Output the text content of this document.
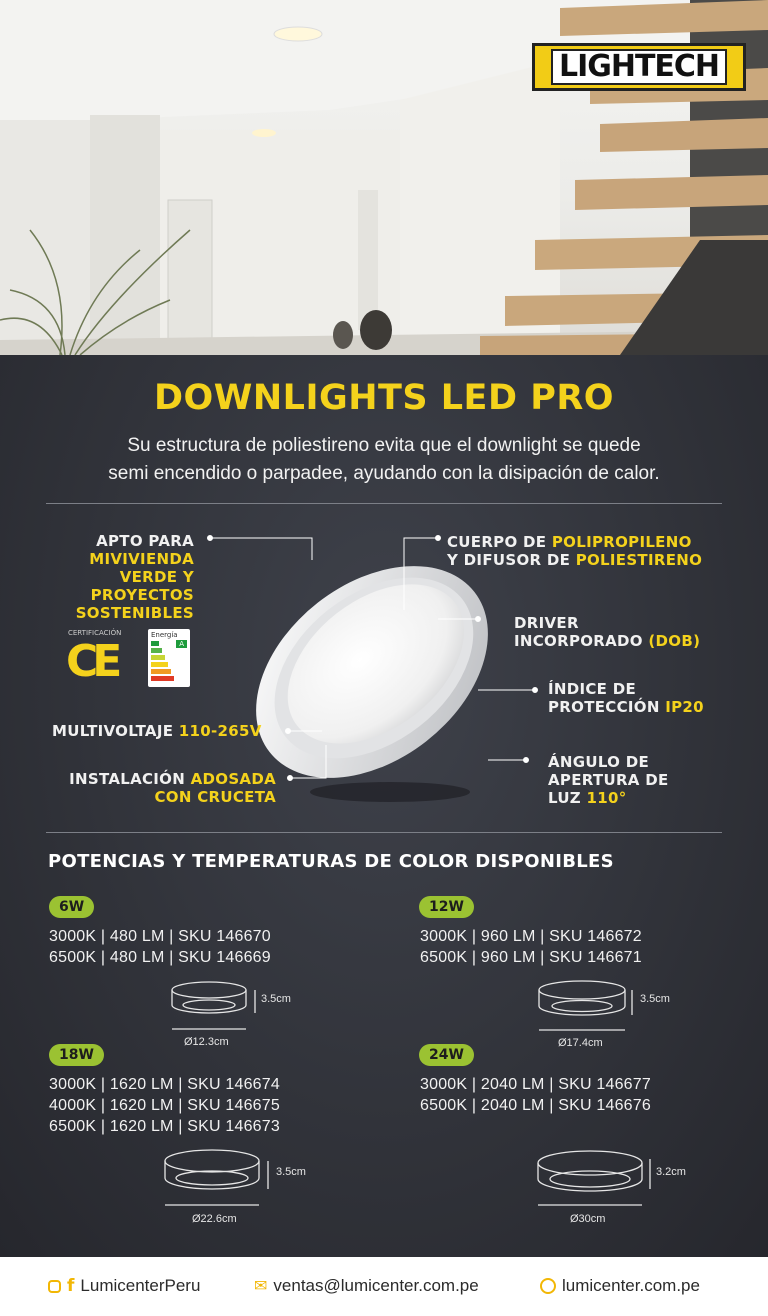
LIGHTECH
DOWNLIGHTS LED PRO
Su estructura de poliestireno evita que el downlight se quede
semi encendido o parpadee, ayudando con la disipación de calor.
APTO PARA
MIVIVIENDA
VERDE Y
PROYECTOS
SOSTENIBLES
CERTIFICACIÓN
CE
Energía
A
MULTIVOLTAJE 110-265V
INSTALACIÓN ADOSADA
CON CRUCETA
CUERPO DE POLIPROPILENO
Y DIFUSOR DE POLIESTIRENO
DRIVER
INCORPORADO (DOB)
ÍNDICE DE
PROTECCIÓN IP20
ÁNGULO DE
APERTURA DE
LUZ 110°
POTENCIAS Y TEMPERATURAS DE COLOR DISPONIBLES
6W
3000K | 480 LM | SKU 146670
6500K | 480 LM | SKU 146669
12W
3000K | 960 LM | SKU 146672
6500K | 960 LM | SKU 146671
18W
3000K | 1620 LM | SKU 146674
4000K | 1620 LM | SKU 146675
6500K | 1620 LM | SKU 146673
24W
3000K | 2040 LM | SKU 146677
6500K | 2040 LM | SKU 146676
3.5cm
Ø12.3cm
3.5cm
Ø17.4cm
3.5cm
Ø22.6cm
3.2cm
Ø30cm
f LumicenterPeru	✉ ventas@lumicenter.com.pe	lumicenter.com.pe
